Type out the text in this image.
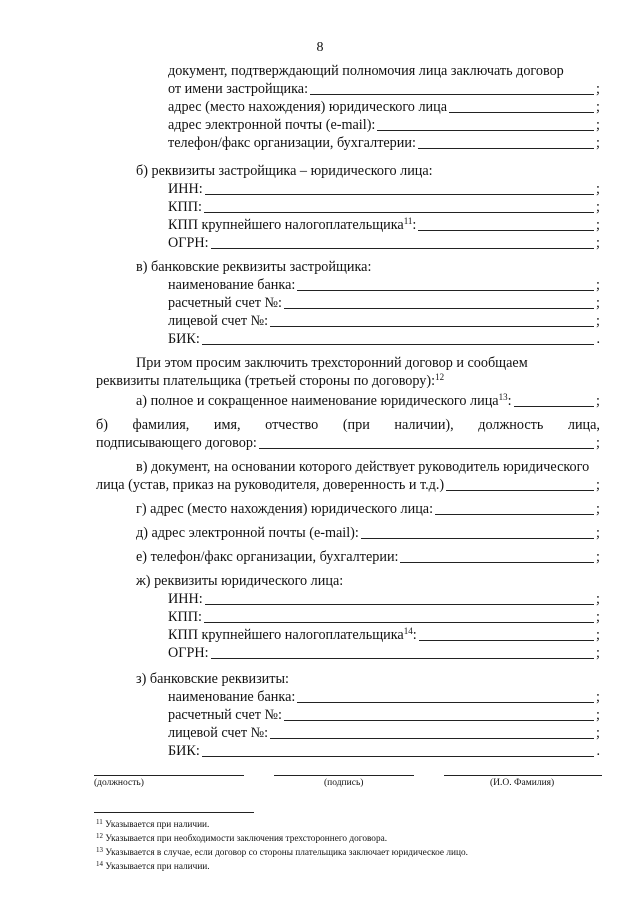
8
документ, подтверждающий полномочия лица заключать договор
от имени застройщика:	;
адрес (место нахождения) юридического лица	;
адрес электронной почты (e-mail):	;
телефон/факс организации, бухгалтерии:	;
б) реквизиты застройщика – юридического лица:
ИНН:	;
КПП:	;
КПП крупнейшего налогоплательщика$^{11}$:	;
ОГРН:	;
в) банковские реквизиты застройщика:
наименование банка:	;
расчетный счет №:	;
лицевой счет №:	;
БИК:	.
При этом просим заключить трехсторонний договор и сообщаем
реквизиты плательщика (третьей стороны по договору):$^{12}$
а) полное и сокращенное наименование юридического лица$^{13}$:	;
б) фамилия, имя, отчество (при наличии), должность лица,
подписывающего договор:	;
в) документ, на основании которого действует руководитель юридического
лица (устав, приказ на руководителя, доверенность и т.д.)	;
г) адрес (место нахождения) юридического лица:	;
д) адрес электронной почты (e-mail):	;
е) телефон/факс организации, бухгалтерии:	;
ж) реквизиты юридического лица:
ИНН:	;
КПП:	;
КПП крупнейшего налогоплательщика$^{14}$:	;
ОГРН:	;
з) банковские реквизиты:
наименование банка:	;
расчетный счет №:	;
лицевой счет №:	;
БИК:	.
(должность)	(подпись)	(И.О. Фамилия)
$^{11}$ Указывается при наличии.
$^{12}$ Указывается при необходимости заключения трехстороннего договора.
$^{13}$ Указывается в случае, если договор со стороны плательщика заключает юридическое лицо.
$^{14}$ Указывается при наличии.
